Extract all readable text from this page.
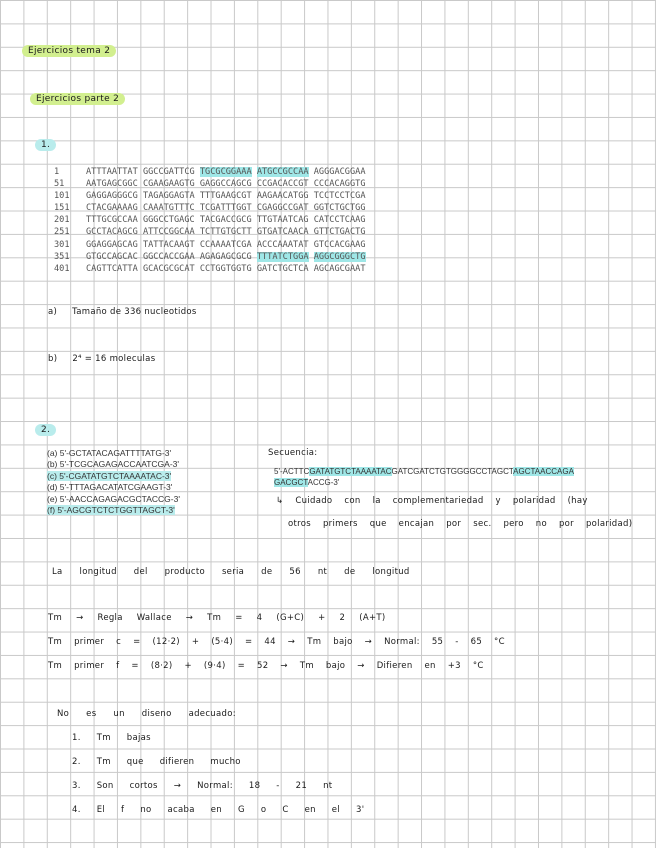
Ejercicios tema 2
Ejercicios parte 2
1.
1	ATTTAATTAT GGCCGATTCG TGCGCGGAAA ATGCCGCCAA AGGGACGGAA
51	AATGAGCGGC CGAAGAAGTG GAGGCCAGCG CCGACACCGT CCCACAGGTG
101 GAGGAGGGCG TAGAGGAGTA TTTGAAGCGT AAGAACATGG TCCTCCTCGA
151 CTACGAAAAG CAAATGTTTC TCGATTTGGT CGAGGCCGAT GGTCTGCTGG
201 TTTGCGCCAA GGGCCTGAGC TACGACCGCG TTGTAATCAG CATCCTCAAG
251 GCCTACAGCG ATTCCGGCAA TCTTGTGCTT GTGATCAACA GTTCTGACTG
301 GGAGGAGCAG TATTACAAGT CCAAAATCGA ACCCAAATAT GTCCACGAAG
351 GTGCCAGCAC GGCCACCGAA AGAGAGCGCG TTTATCTGGA AGGCGGGCTG
401 CAGTTCATTA GCACGCGCAT CCTGGTGGTG GATCTGCTCA AGCAGCGAAT
a) Tamaño de 336 nucleotidos
b) 2⁴ = 16 moleculas
2.
(a) 5'-GCTATACAGATTTTATG-3'
(b) 5'-TCGCAGAGACCAATCGA-3'
(c) 5'-CGATATGTCTAAAATAC-3'
(d) 5'-TTTAGACATATCGAAGT-3'
(e) 5'-AACCAGAGACGCTACCG-3'
(f) 5'-AGCGTCTCTGGTTAGCT-3'
Secuencia:
5'-ACTTCGATATGTCTAAAATACGATCGATCTGTGGGGCCTAGCTAGCTAACCAGA GACGCTACCG-3'
↳ Cuidado con la complementariedad y polaridad (hay
otros primers que encajan por sec. pero no por polaridad)
La longitud del producto seria de 56 nt de longitud
Tm → Regla Wallace → Tm = 4 (G+C) + 2 (A+T)
Tm primer c = (12·2) + (5·4) = 44 → Tm bajo → Normal: 55 - 65 °C
Tm primer f = (8·2) + (9·4) = 52 → Tm bajo → Difieren en +3 °C
No es un diseno adecuado:
1. Tm bajas
2. Tm que difieren mucho
3. Son cortos → Normal: 18 - 21 nt
4. El f no acaba en G o C en el 3'
